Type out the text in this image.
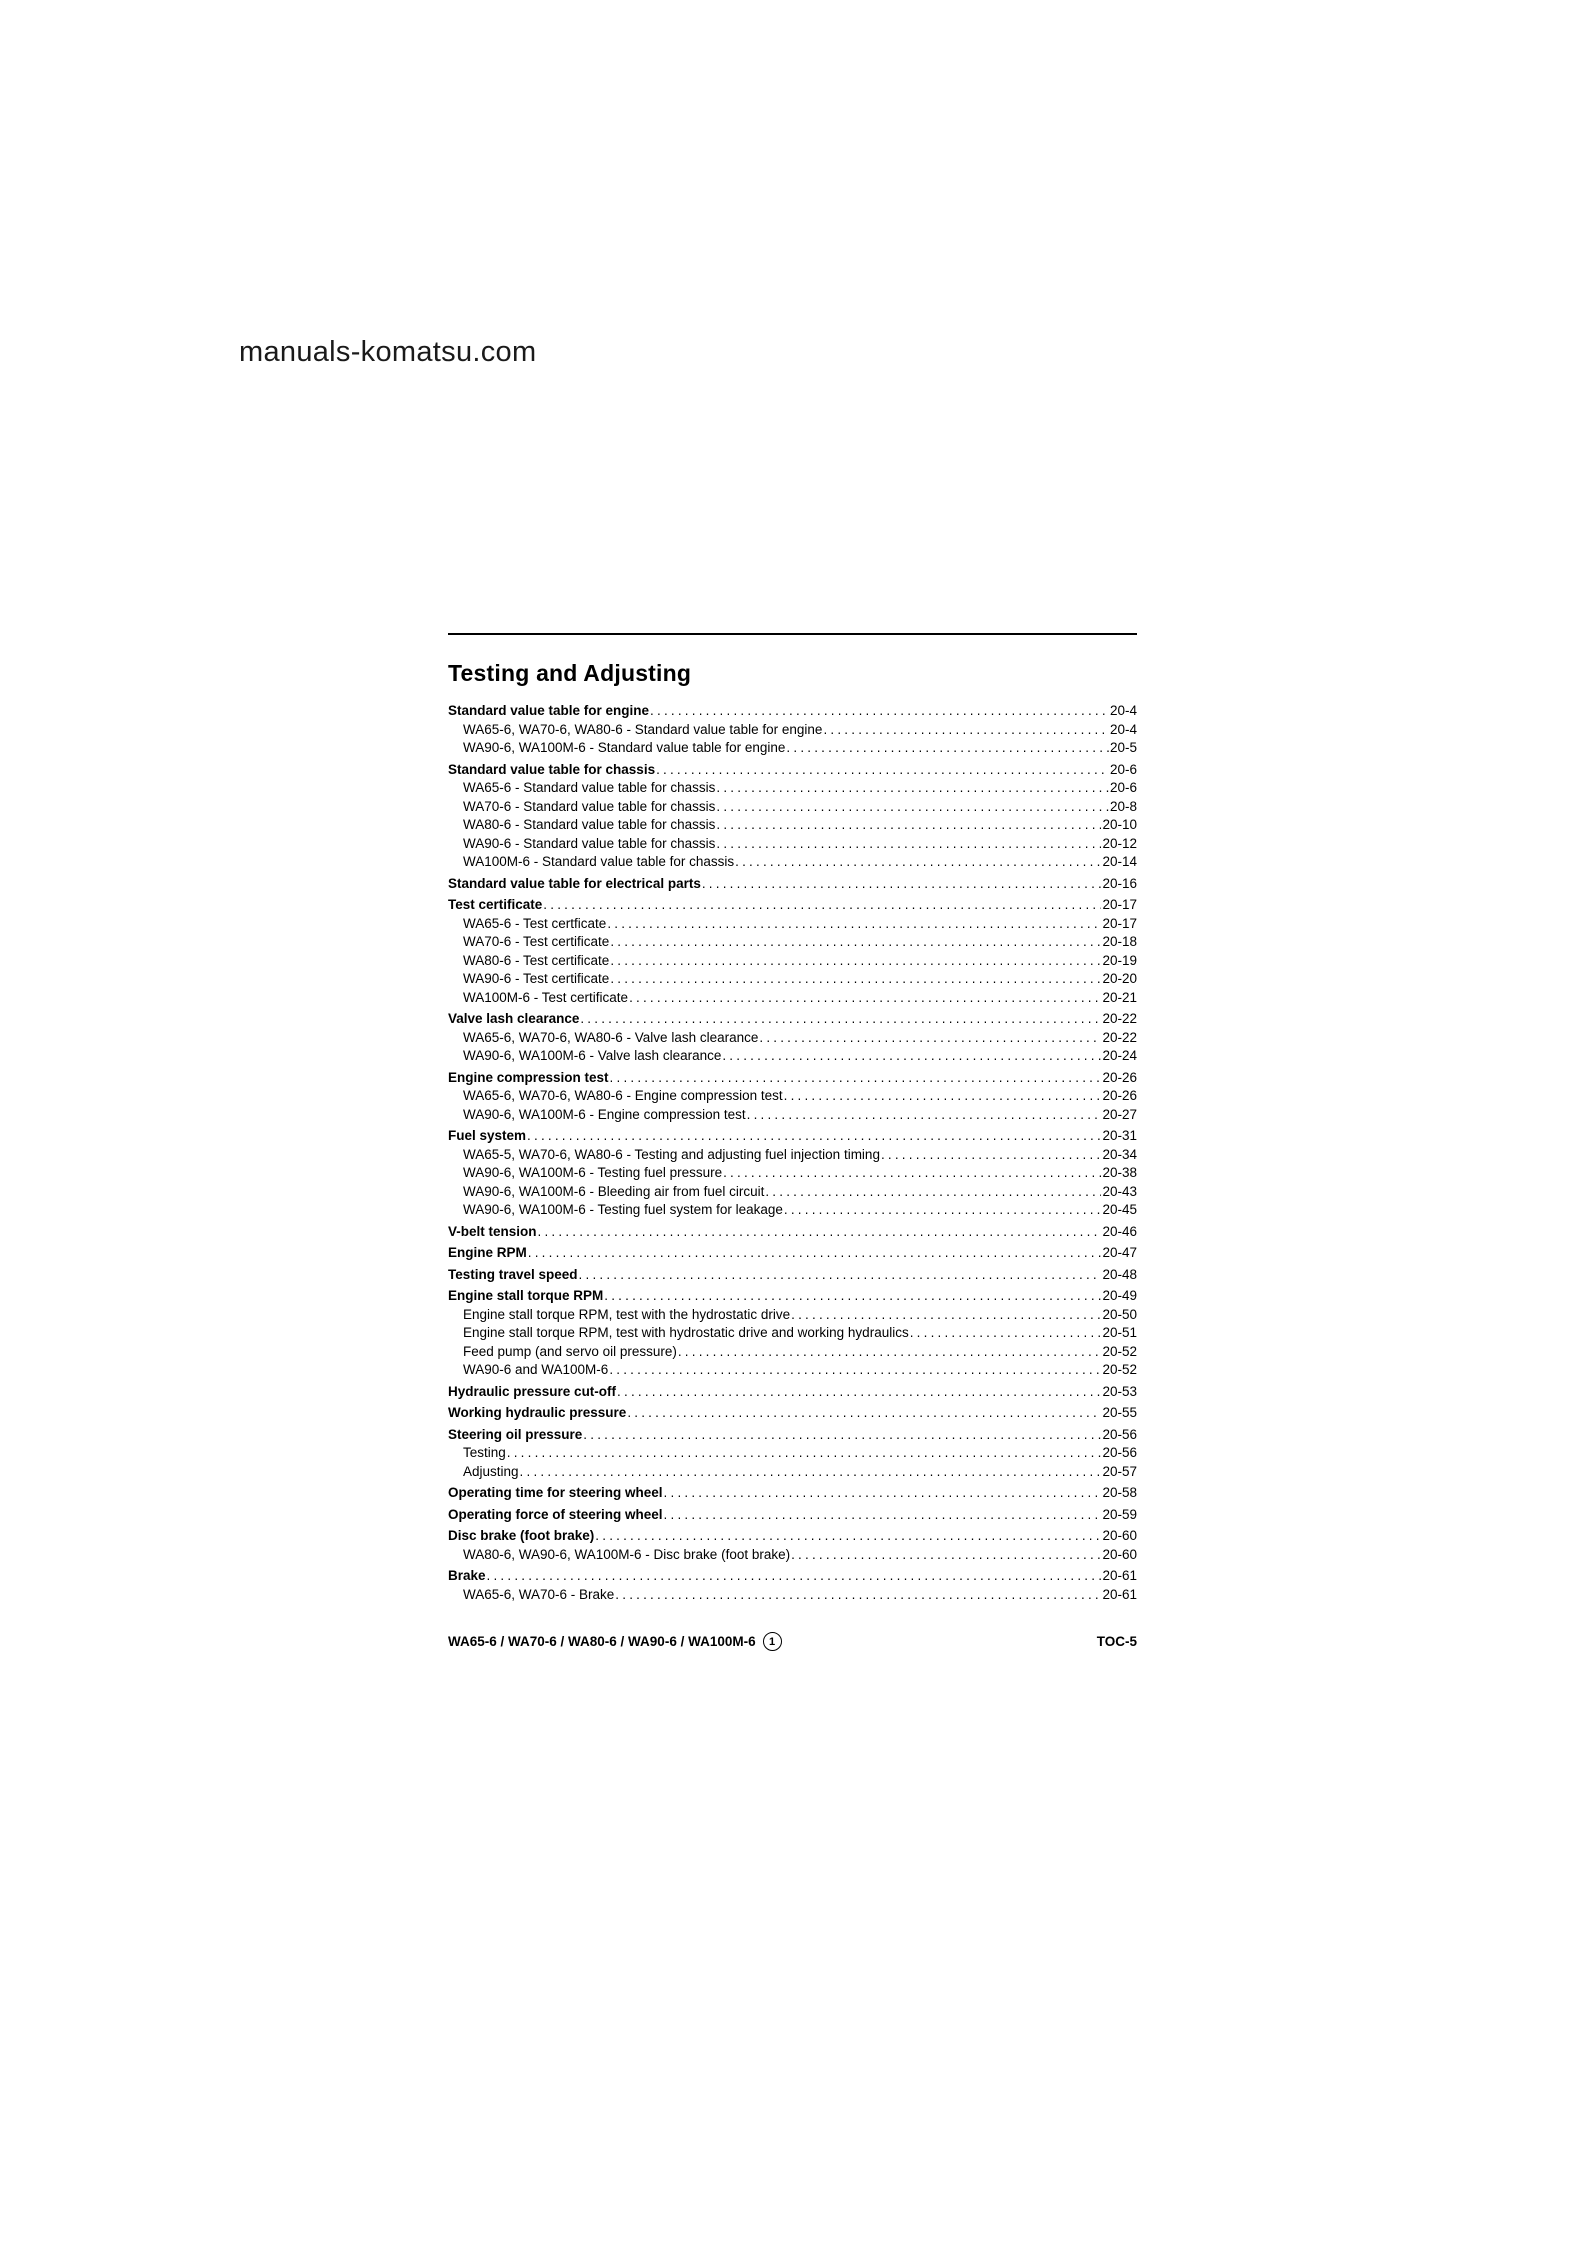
manuals-komatsu.com
Testing and Adjusting
Standard value table for engine .....	20-4
WA65-6, WA70-6, WA80-6 - Standard value table for engine .....	20-4
WA90-6, WA100M-6 - Standard value table for engine .....	20-5
Standard value table for chassis .....	20-6
WA65-6 - Standard value table for chassis .....	20-6
WA70-6 - Standard value table for chassis .....	20-8
WA80-6 - Standard value table for chassis .....	20-10
WA90-6 - Standard value table for chassis .....	20-12
WA100M-6 - Standard value table for chassis .....	20-14
Standard value table for electrical parts .....	20-16
Test certificate .....	20-17
WA65-6 - Test certficate .....	20-17
WA70-6 - Test certificate .....	20-18
WA80-6 - Test certificate .....	20-19
WA90-6 - Test certificate .....	20-20
WA100M-6 - Test certificate .....	20-21
Valve lash clearance .....	20-22
WA65-6, WA70-6, WA80-6 - Valve lash clearance .....	20-22
WA90-6, WA100M-6 - Valve lash clearance .....	20-24
Engine compression test .....	20-26
WA65-6, WA70-6, WA80-6 - Engine compression test .....	20-26
WA90-6, WA100M-6 - Engine compression test .....	20-27
Fuel system .....	20-31
WA65-5, WA70-6, WA80-6 - Testing and adjusting fuel injection timing .....	20-34
WA90-6, WA100M-6 - Testing fuel pressure .....	20-38
WA90-6, WA100M-6 - Bleeding air from fuel circuit .....	20-43
WA90-6, WA100M-6 - Testing fuel system for leakage .....	20-45
V-belt tension .....	20-46
Engine RPM .....	20-47
Testing travel speed .....	20-48
Engine stall torque RPM .....	20-49
Engine stall torque RPM, test with the hydrostatic drive .....	20-50
Engine stall torque RPM, test with hydrostatic drive and working hydraulics .....	20-51
Feed pump (and servo oil pressure) .....	20-52
WA90-6 and WA100M-6 .....	20-52
Hydraulic pressure cut-off .....	20-53
Working hydraulic pressure .....	20-55
Steering oil pressure .....	20-56
Testing .....	20-56
Adjusting .....	20-57
Operating time for steering wheel .....	20-58
Operating force of steering wheel .....	20-59
Disc brake (foot brake) .....	20-60
WA80-6, WA90-6, WA100M-6 - Disc brake (foot brake) .....	20-60
Brake .....	20-61
WA65-6, WA70-6 - Brake .....	20-61
WA65-6 / WA70-6 / WA80-6 / WA90-6 / WA100M-6 1	TOC-5
